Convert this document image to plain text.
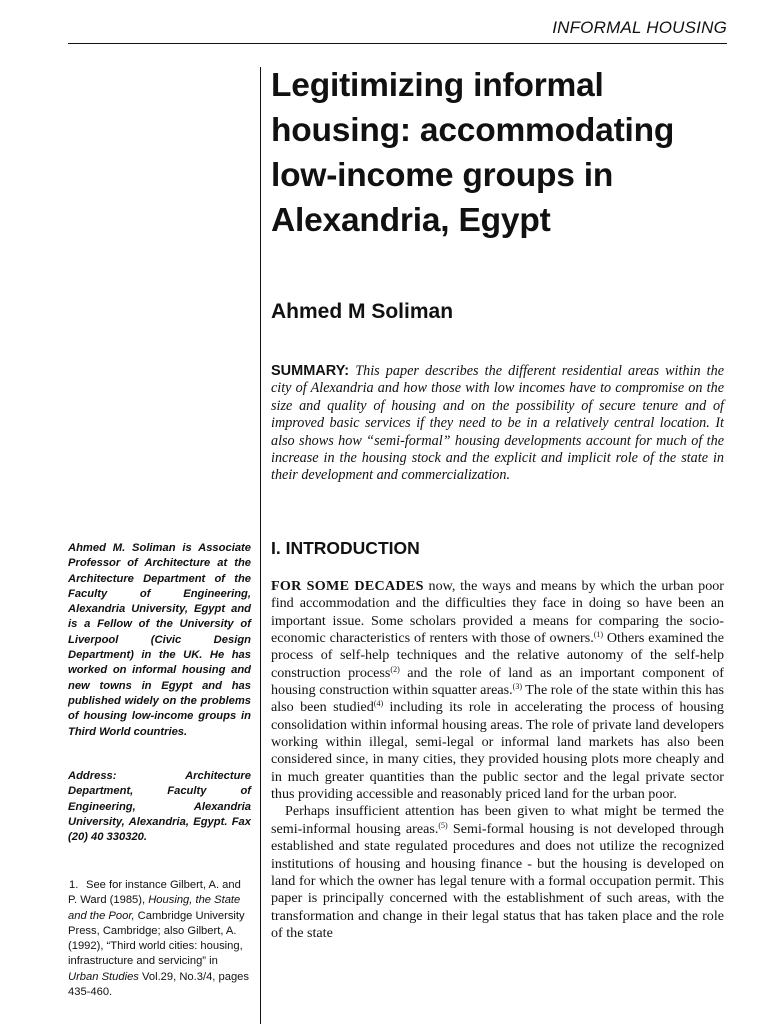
INFORMAL HOUSING
Legitimizing informal housing: accommodating low-income groups in Alexandria, Egypt
Ahmed M Soliman

SUMMARY: This paper describes the different residential areas within the city of Alexandria and how those with low incomes have to compromise on the size and quality of housing and on the possibility of secure tenure and of improved basic services if they need to be in a relatively central location. It also shows how “semi-formal” housing developments account for much of the increase in the housing stock and the explicit and implicit role of the state in their development and commercialization.

I. INTRODUCTION

FOR SOME DECADES now, the ways and means by which the urban poor find accommodation and the difficulties they face in doing so have been an important issue. Some scholars provided a means for comparing the socio-economic characteristics of renters with those of owners.$^{(1)}$ Others examined the process of self-help techniques and the relative autonomy of the self-help construction process$^{(2)}$ and the role of land as an important component of housing construction within squatter areas.$^{(3)}$ The role of the state within this has also been studied$^{(4)}$ including its role in accelerating the process of housing consolidation within informal housing areas. The role of private land developers working within illegal, semi-legal or informal land markets has also been considered since, in many cities, they provided housing plots more cheaply and in much greater quantities than the public sector and the legal private sector thus providing accessible and reasonably priced land for the urban poor.

Perhaps insufficient attention has been given to what might be termed the semi-informal housing areas.$^{(5)}$ Semi-formal housing is not developed through established and state regulated procedures and does not utilize the recognized institutions of housing and housing finance - but the housing is developed on land for which the owner has legal tenure with a formal occupation permit. This paper is principally concerned with the establishment of such areas, with the transformation and change in their legal status that has taken place and the role of the state

Ahmed M. Soliman is Associate Professor of Architecture at the Architecture Department of the Faculty of Engineering, Alexandria University, Egypt and is a Fellow of the University of Liverpool (Civic Design Department) in the UK. He has worked on informal housing and new towns in Egypt and has published widely on the problems of housing low-income groups in Third World countries.
Address: Architecture Department, Faculty of Engineering, Alexandria University, Alexandria, Egypt. Fax (20) 40 330320.
1. See for instance Gilbert, A. and P. Ward (1985), Housing, the State and the Poor, Cambridge University Press, Cambridge; also Gilbert, A. (1992), “Third world cities: housing, infrastructure and servicing” in Urban Studies Vol.29, No.3/4, pages 435-460.
